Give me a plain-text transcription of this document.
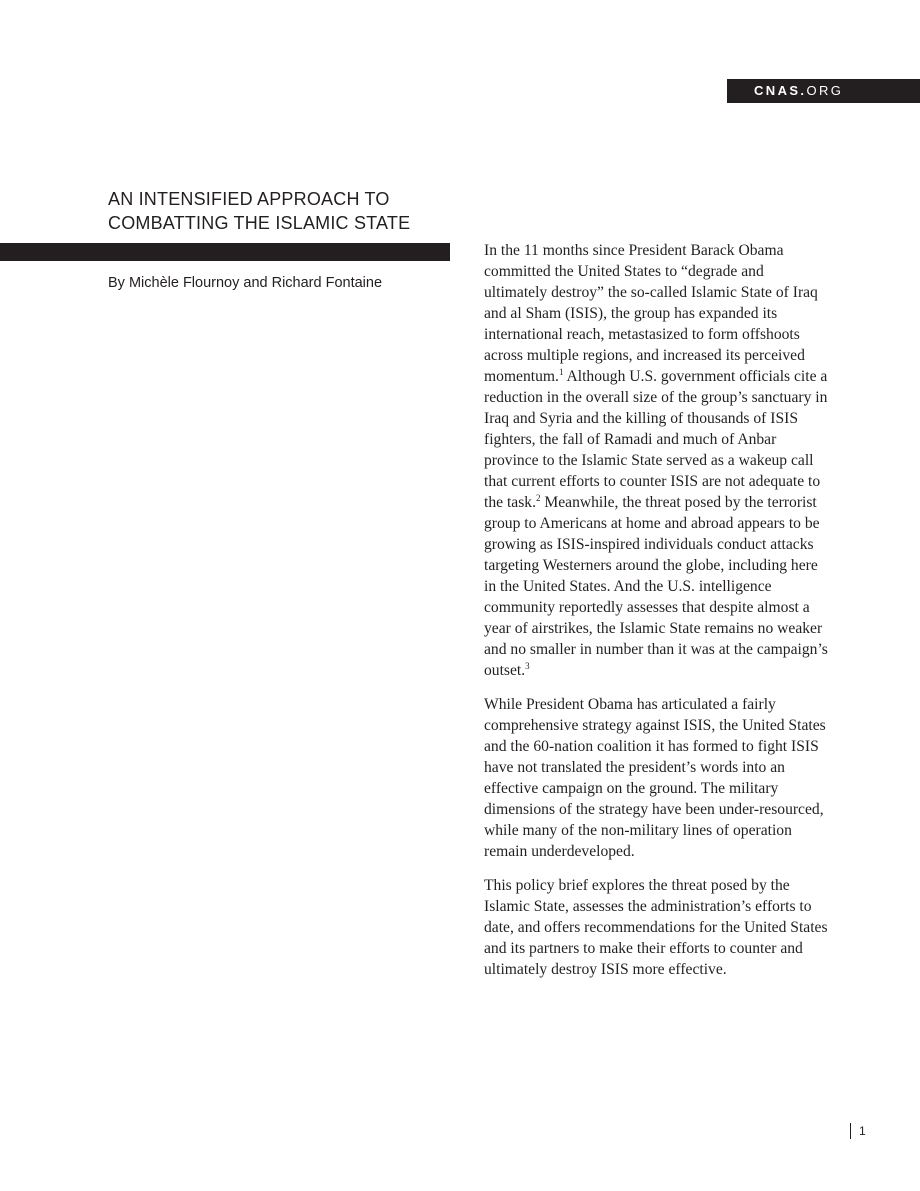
CNAS.ORG
AN INTENSIFIED APPROACH TO
COMBATTING THE ISLAMIC STATE

By Michèle Flournoy and Richard Fontaine

In the 11 months since President Barack Obama committed the United States to “degrade and ultimately destroy” the so-called Islamic State of Iraq and al Sham (ISIS), the group has expanded its international reach, metastasized to form offshoots across multiple regions, and increased its perceived momentum.$^1$ Although U.S. government officials cite a reduction in the overall size of the group’s sanctuary in Iraq and Syria and the killing of thousands of ISIS fighters, the fall of Ramadi and much of Anbar province to the Islamic State served as a wakeup call that current efforts to counter ISIS are not adequate to the task.$^2$ Meanwhile, the threat posed by the terrorist group to Americans at home and abroad appears to be growing as ISIS-inspired individuals conduct attacks targeting Westerners around the globe, including here in the United States. And the U.S. intelligence community reportedly assesses that despite almost a year of airstrikes, the Islamic State remains no weaker and no smaller in number than it was at the campaign’s outset.$^3$

While President Obama has articulated a fairly comprehensive strategy against ISIS, the United States and the 60-nation coalition it has formed to fight ISIS have not translated the president’s words into an effective campaign on the ground. The military dimensions of the strategy have been under-resourced, while many of the non-military lines of operation remain underdeveloped.

This policy brief explores the threat posed by the Islamic State, assesses the administration’s efforts to date, and offers recommendations for the United States and its partners to make their efforts to counter and ultimately destroy ISIS more effective.

1
